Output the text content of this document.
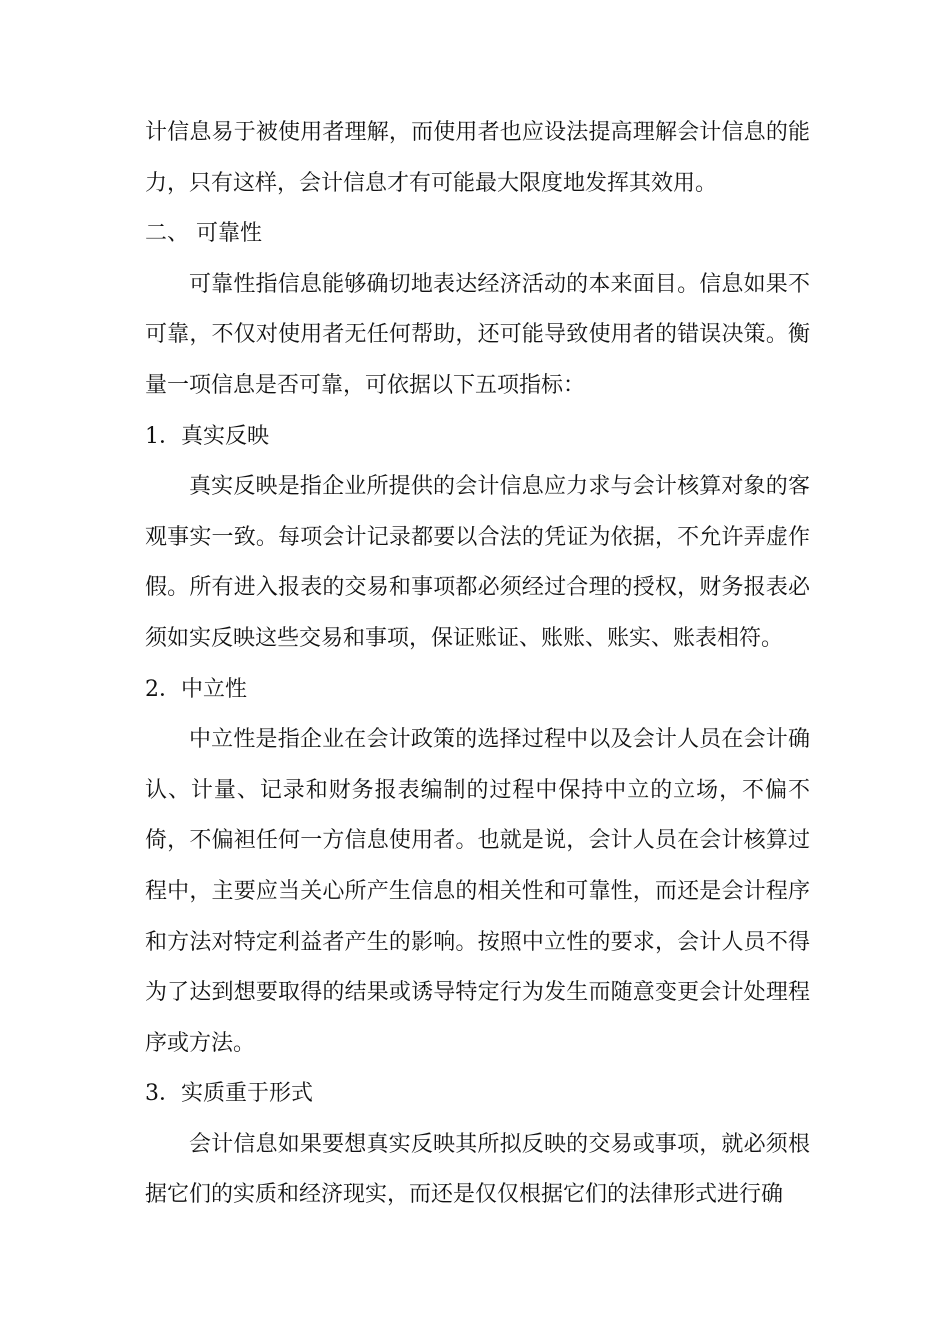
计信息易于被使用者理解，而使用者也应设法提高理解会计信息的能力，只有这样，会计信息才有可能最大限度地发挥其效用。

二、 可靠性

可靠性指信息能够确切地表达经济活动的本来面目。信息如果不可靠，不仅对使用者无任何帮助，还可能导致使用者的错误决策。衡量一项信息是否可靠，可依据以下五项指标：

1．真实反映

真实反映是指企业所提供的会计信息应力求与会计核算对象的客观事实一致。每项会计记录都要以合法的凭证为依据，不允许弄虚作假。所有进入报表的交易和事项都必须经过合理的授权，财务报表必须如实反映这些交易和事项，保证账证、账账、账实、账表相符。

2．中立性

中立性是指企业在会计政策的选择过程中以及会计人员在会计确认、计量、记录和财务报表编制的过程中保持中立的立场，不偏不倚，不偏袒任何一方信息使用者。也就是说，会计人员在会计核算过程中，主要应当关心所产生信息的相关性和可靠性，而还是会计程序和方法对特定利益者产生的影响。按照中立性的要求，会计人员不得为了达到想要取得的结果或诱导特定行为发生而随意变更会计处理程序或方法。

3．实质重于形式

会计信息如果要想真实反映其所拟反映的交易或事项，就必须根据它们的实质和经济现实，而还是仅仅根据它们的法律形式进行确
